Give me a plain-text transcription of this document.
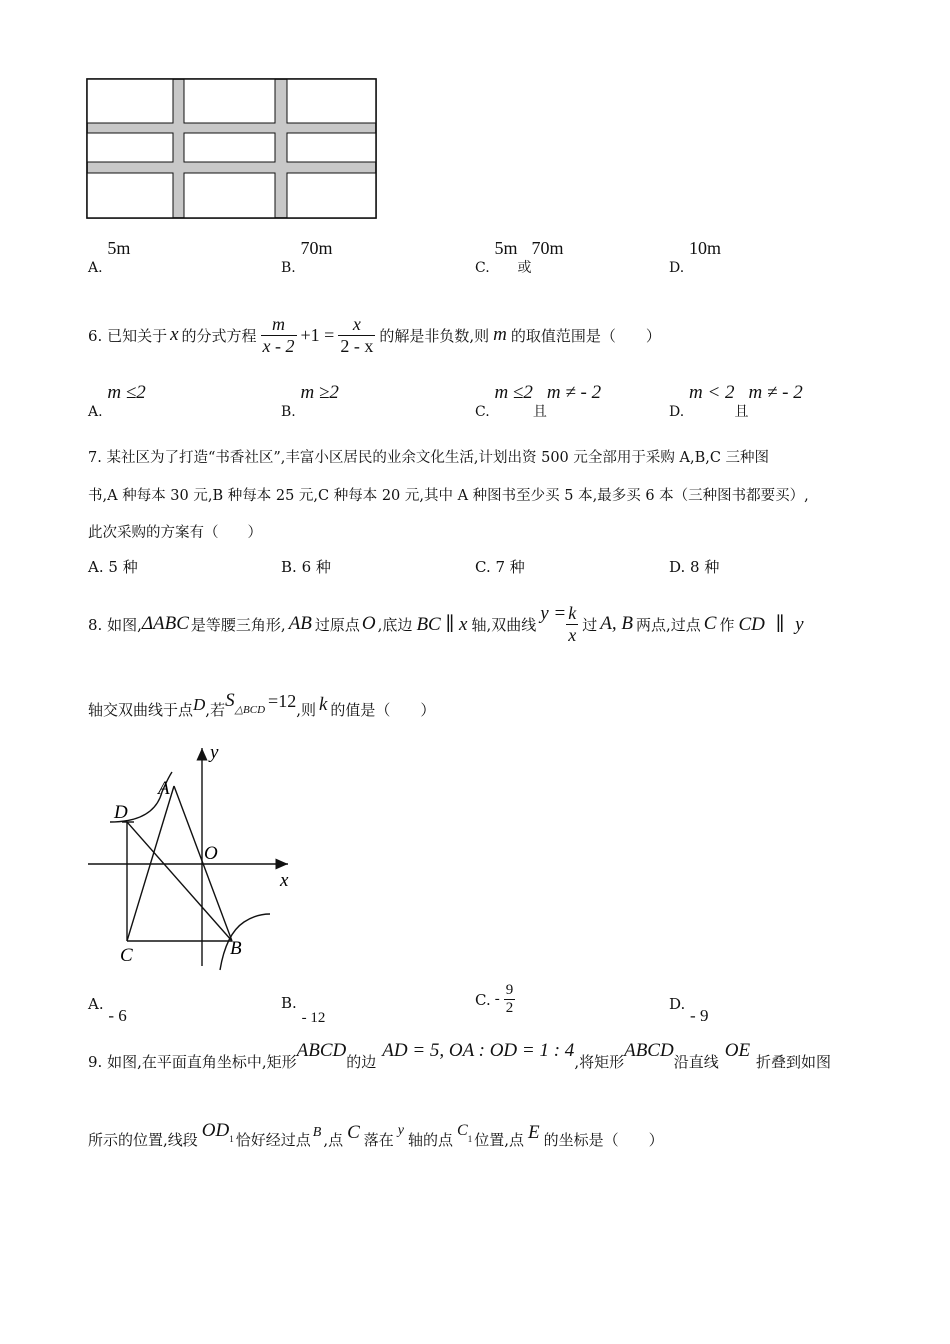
A. 5m
B. 70m
C. 5m或70m
D. 10m
6. 已知关于 x 的分式方程 $\frac{m}{x - 2} +1 = \frac{x}{2 - x}$ 的解是非负数,则 m 的取值范围是（　　）
A. m ≤2
B. m ≥2
C. m ≤2且m ≠ - 2
D. m < 2且m ≠ - 2
7. 某社区为了打造“书香社区”,丰富小区居民的业余文化生活,计划出资 500 元全部用于采购 A,B,C 三种图
书,A 种每本 30 元,B 种每本 25 元,C 种每本 20 元,其中 A 种图书至少买 5 本,最多买 6 本（三种图书都要买）,
此次采购的方案有（　　）
A. 5 种	B. 6 种	C. 7 种	D. 8 种
8. 如图, ΔABC 是等腰三角形, AB 过原点 O ,底边 BC ∥ x 轴,双曲线
$y = \frac{k}{x}$ 过 A, B 两点,过点 C 作 CD ∥ y
轴交双曲线于点 D ,若 S △BCD =12 ,则 k 的值是（　　）
y
x
O
A
B
C
D
A. - 6
B. - 12
C. - $\frac{9}{2}$	D. - 9
9. 如图,在平面直角坐标中,矩形
ABCD
的边
AD = 5, OA : OD = 1 : 4
,将矩形
ABCD
沿直线
OE
折叠到如图
所示的位置,线段 OD 1 恰好经过点 B ,点 C 落在 y 轴的点 C 1 位置,点 E 的坐标是（　　）
